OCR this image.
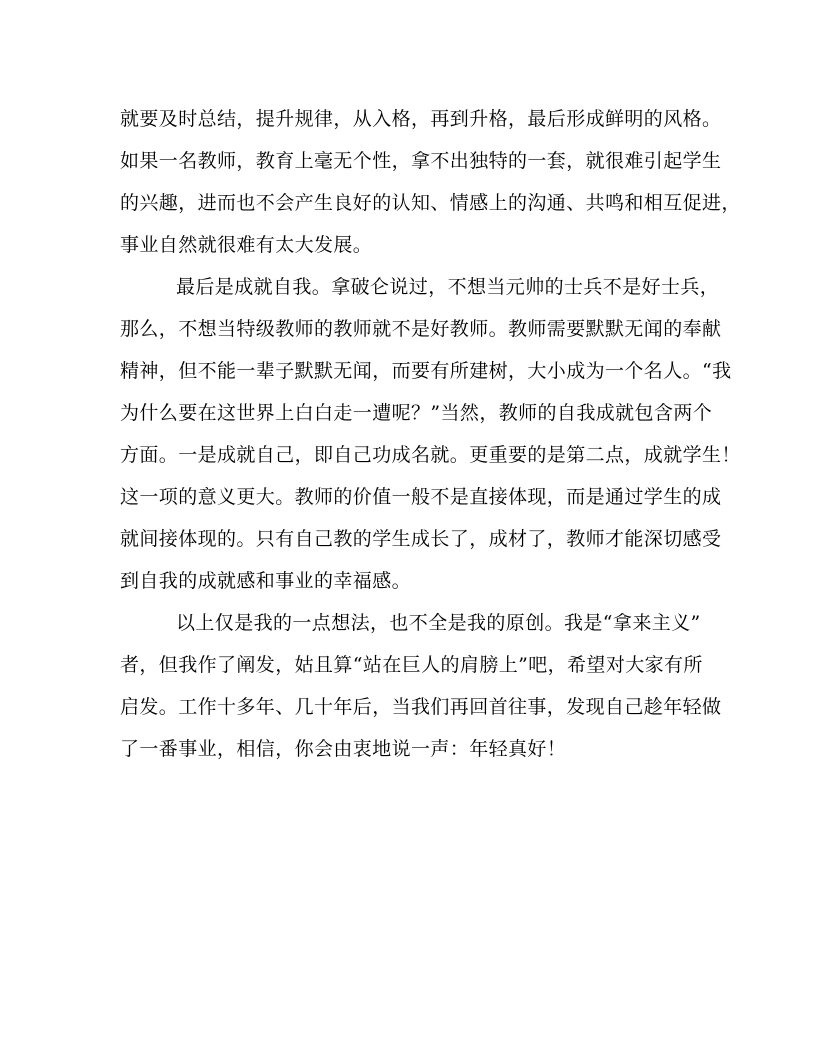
就要及时总结，提升规律，从入格，再到升格，最后形成鲜明的风格。
如果一名教师，教育上毫无个性，拿不出独特的一套，就很难引起学生
的兴趣，进而也不会产生良好的认知、情感上的沟通、共鸣和相互促进，
事业自然就很难有太大发展。
最后是成就自我。拿破仑说过，不想当元帅的士兵不是好士兵，
那么，不想当特级教师的教师就不是好教师。教师需要默默无闻的奉献
精神，但不能一辈子默默无闻，而要有所建树，大小成为一个名人。“我
为什么要在这世界上白白走一遭呢？”当然，教师的自我成就包含两个
方面。一是成就自己，即自己功成名就。更重要的是第二点，成就学生！
这一项的意义更大。教师的价值一般不是直接体现，而是通过学生的成
就间接体现的。只有自己教的学生成长了，成材了，教师才能深切感受
到自我的成就感和事业的幸福感。
以上仅是我的一点想法，也不全是我的原创。我是“拿来主义”
者，但我作了阐发，姑且算“站在巨人的肩膀上”吧，希望对大家有所
启发。工作十多年、几十年后，当我们再回首往事，发现自己趁年轻做
了一番事业，相信，你会由衷地说一声：年轻真好！
